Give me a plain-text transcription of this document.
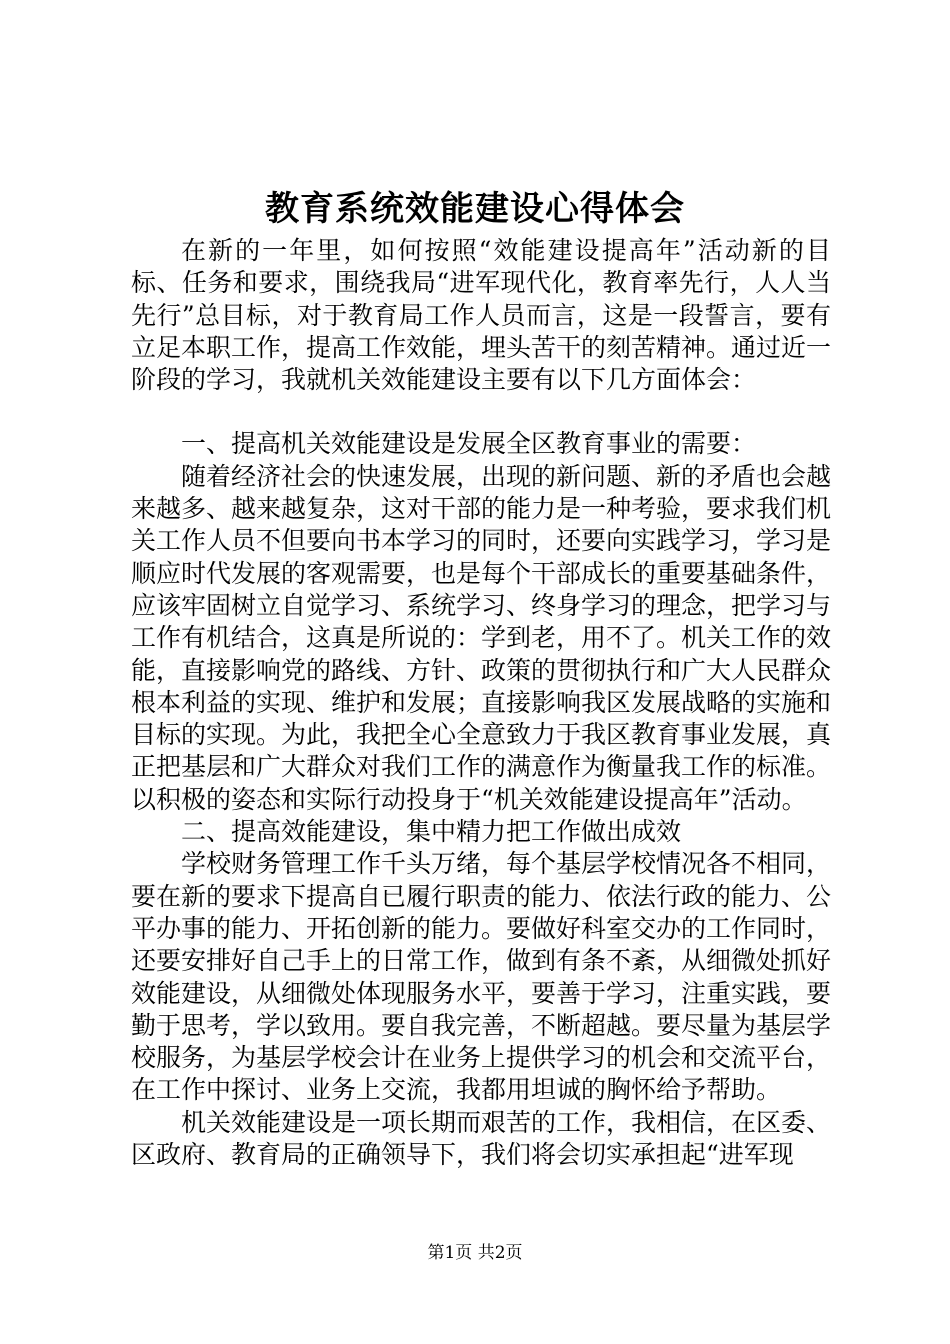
教育系统效能建设心得体会

在新的一年里，如何按照“效能建设提高年”活动新的目标、任务和要求，围绕我局“进军现代化，教育率先行，人人当先行”总目标，对于教育局工作人员而言，这是一段誓言，要有立足本职工作，提高工作效能，埋头苦干的刻苦精神。通过近一阶段的学习，我就机关效能建设主要有以下几方面体会：

一、提高机关效能建设是发展全区教育事业的需要：

随着经济社会的快速发展，出现的新问题、新的矛盾也会越来越多、越来越复杂，这对干部的能力是一种考验，要求我们机关工作人员不但要向书本学习的同时，还要向实践学习，学习是顺应时代发展的客观需要，也是每个干部成长的重要基础条件，应该牢固树立自觉学习、系统学习、终身学习的理念，把学习与工作有机结合，这真是所说的：学到老，用不了。机关工作的效能，直接影响党的路线、方针、政策的贯彻执行和广大人民群众根本利益的实现、维护和发展；直接影响我区发展战略的实施和目标的实现。为此，我把全心全意致力于我区教育事业发展，真正把基层和广大群众对我们工作的满意作为衡量我工作的标准。以积极的姿态和实际行动投身于“机关效能建设提高年”活动。

二、提高效能建设，集中精力把工作做出成效

学校财务管理工作千头万绪，每个基层学校情况各不相同，要在新的要求下提高自已履行职责的能力、依法行政的能力、公平办事的能力、开拓创新的能力。要做好科室交办的工作同时，还要安排好自己手上的日常工作，做到有条不紊，从细微处抓好效能建设，从细微处体现服务水平，要善于学习，注重实践，要勤于思考，学以致用。要自我完善，不断超越。要尽量为基层学校服务，为基层学校会计在业务上提供学习的机会和交流平台，在工作中探讨、业务上交流，我都用坦诚的胸怀给予帮助。

机关效能建设是一项长期而艰苦的工作，我相信，在区委、区政府、教育局的正确领导下，我们将会切实承担起“进军现

第1页 共2页
